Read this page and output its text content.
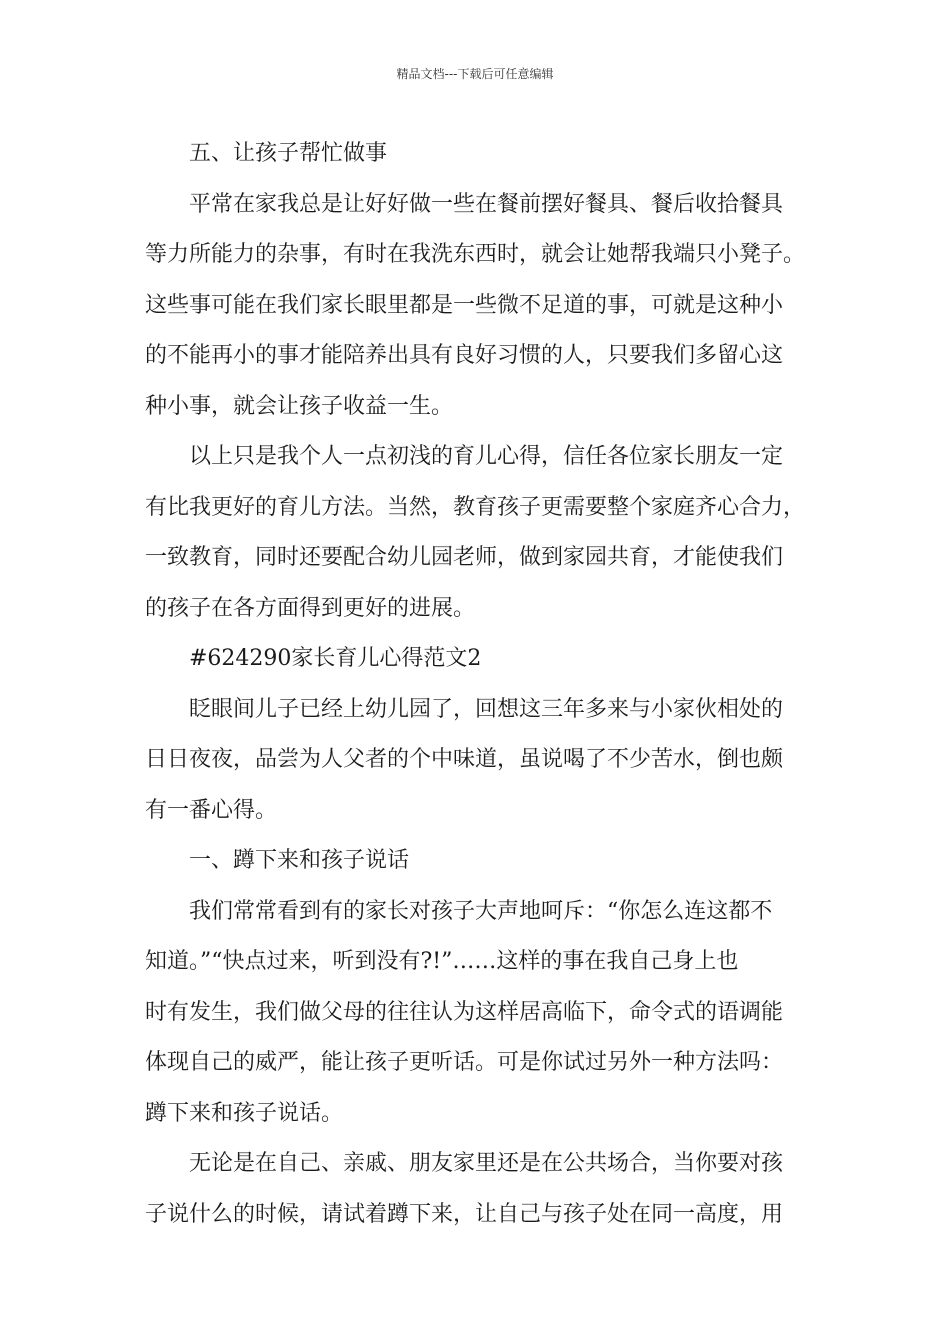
精品文档---下载后可任意编辑

五、让孩子帮忙做事

平常在家我总是让好好做一些在餐前摆好餐具、餐后收拾餐具
等力所能力的杂事，有时在我洗东西时，就会让她帮我端只小凳子。
这些事可能在我们家长眼里都是一些微不足道的事，可就是这种小
的不能再小的事才能陪养出具有良好习惯的人，只要我们多留心这
种小事，就会让孩子收益一生。
以上只是我个人一点初浅的育儿心得，信任各位家长朋友一定
有比我更好的育儿方法。当然，教育孩子更需要整个家庭齐心合力，
一致教育，同时还要配合幼儿园老师，做到家园共育，才能使我们
的孩子在各方面得到更好的进展。

#624290家长育儿心得范文2

眨眼间儿子已经上幼儿园了，回想这三年多来与小家伙相处的
日日夜夜，品尝为人父者的个中味道，虽说喝了不少苦水，倒也颇
有一番心得。

一、蹲下来和孩子说话

我们常常看到有的家长对孩子大声地呵斥：“你怎么连这都不
知道。”“快点过来，听到没有?!”……这样的事在我自己身上也
时有发生，我们做父母的往往认为这样居高临下，命令式的语调能
体现自己的威严，能让孩子更听话。可是你试过另外一种方法吗：
蹲下来和孩子说话。
无论是在自己、亲戚、朋友家里还是在公共场合，当你要对孩
子说什么的时候，请试着蹲下来，让自己与孩子处在同一高度，用
